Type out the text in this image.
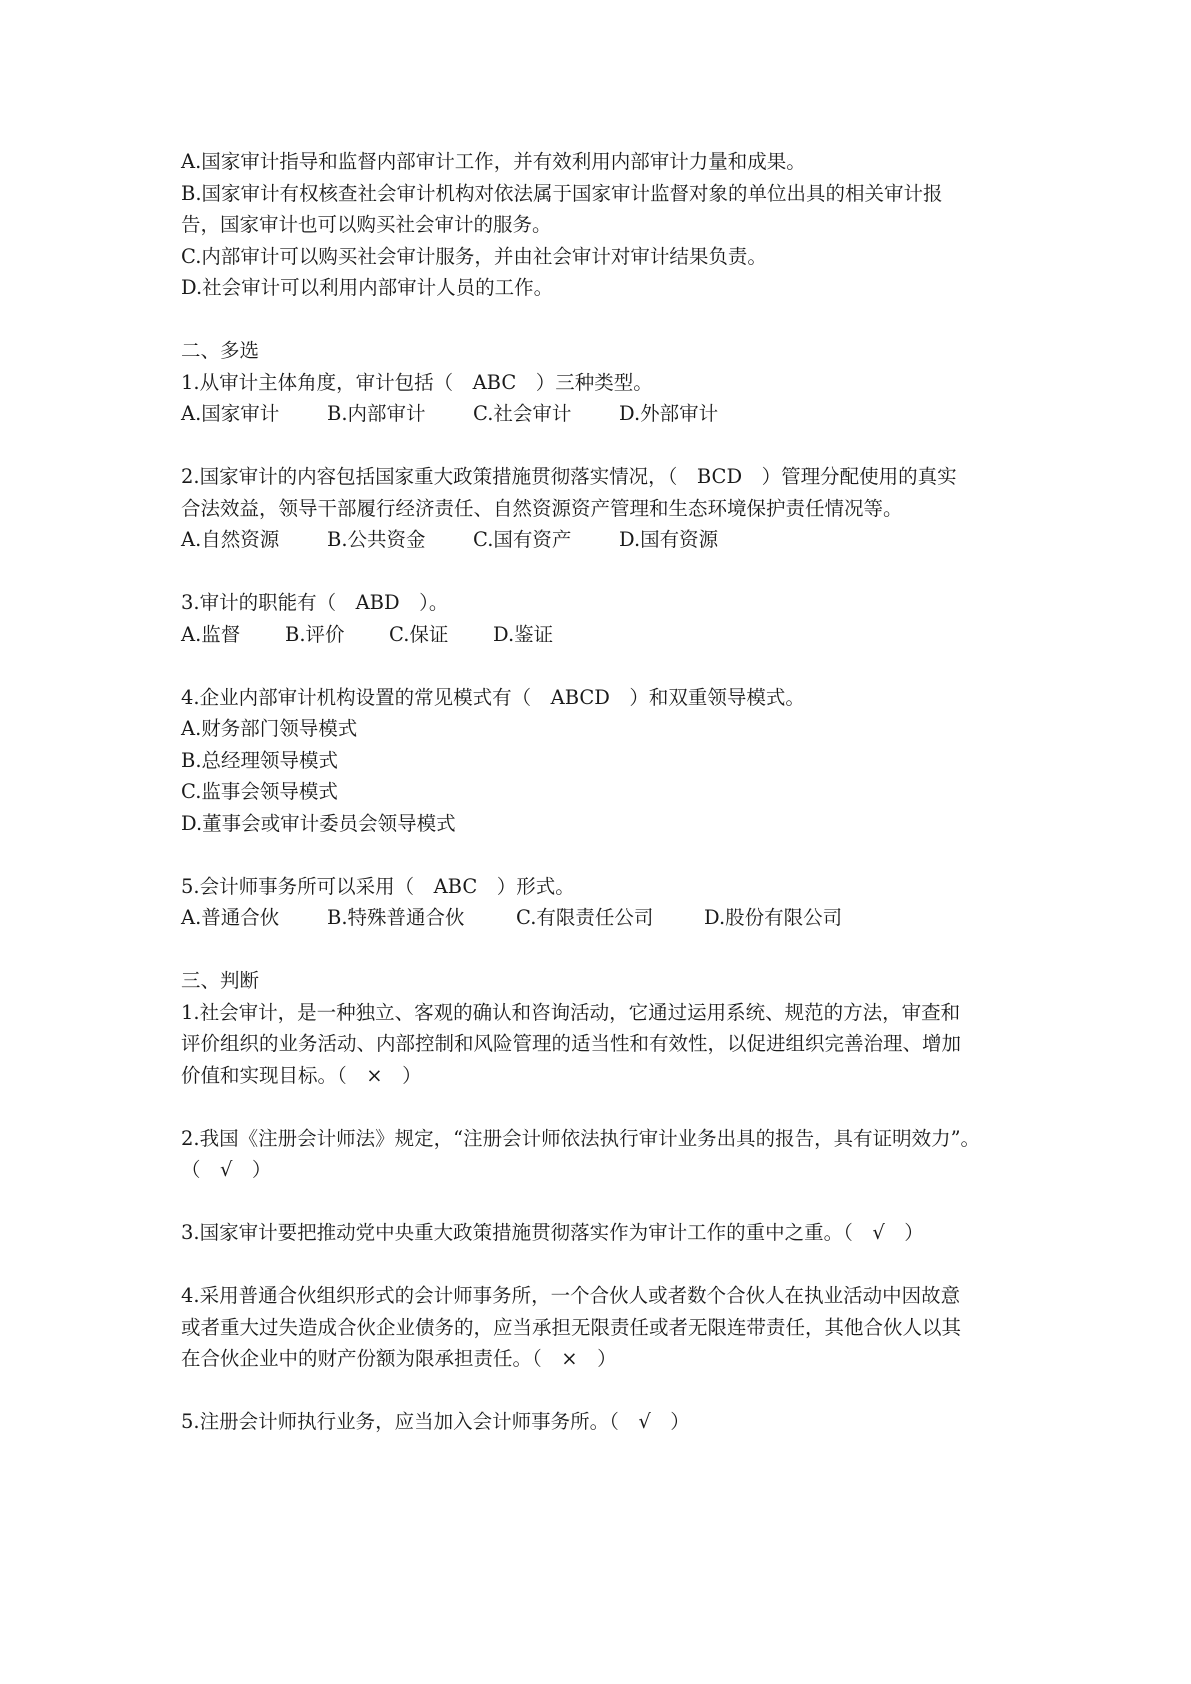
A.国家审计指导和监督内部审计工作，并有效利用内部审计力量和成果。
B.国家审计有权核查社会审计机构对依法属于国家审计监督对象的单位出具的相关审计报
告，国家审计也可以购买社会审计的服务。
C.内部审计可以购买社会审计服务，并由社会审计对审计结果负责。
D.社会审计可以利用内部审计人员的工作。
二、多选
1.从审计主体角度，审计包括（　ABC　）三种类型。
A.国家审计	B.内部审计	C.社会审计	D.外部审计
2.国家审计的内容包括国家重大政策措施贯彻落实情况，（　BCD　）管理分配使用的真实
合法效益，领导干部履行经济责任、自然资源资产管理和生态环境保护责任情况等。
A.自然资源	B.公共资金	C.国有资产	D.国有资源
3.审计的职能有（　ABD　）。
A.监督	B.评价	C.保证	D.鉴证
4.企业内部审计机构设置的常见模式有（　ABCD　）和双重领导模式。
A.财务部门领导模式
B.总经理领导模式
C.监事会领导模式
D.董事会或审计委员会领导模式
5.会计师事务所可以采用（　ABC　）形式。
A.普通合伙	B.特殊普通合伙	C.有限责任公司	D.股份有限公司
三、判断
1.社会审计，是一种独立、客观的确认和咨询活动，它通过运用系统、规范的方法，审查和
评价组织的业务活动、内部控制和风险管理的适当性和有效性，以促进组织完善治理、增加
价值和实现目标。（　×　）
2.我国《注册会计师法》规定，“注册会计师依法执行审计业务出具的报告，具有证明效力”。
（　√　）
3.国家审计要把推动党中央重大政策措施贯彻落实作为审计工作的重中之重。（　√　）
4.采用普通合伙组织形式的会计师事务所，一个合伙人或者数个合伙人在执业活动中因故意
或者重大过失造成合伙企业债务的，应当承担无限责任或者无限连带责任，其他合伙人以其
在合伙企业中的财产份额为限承担责任。（　×　）
5.注册会计师执行业务，应当加入会计师事务所。（　√　）
